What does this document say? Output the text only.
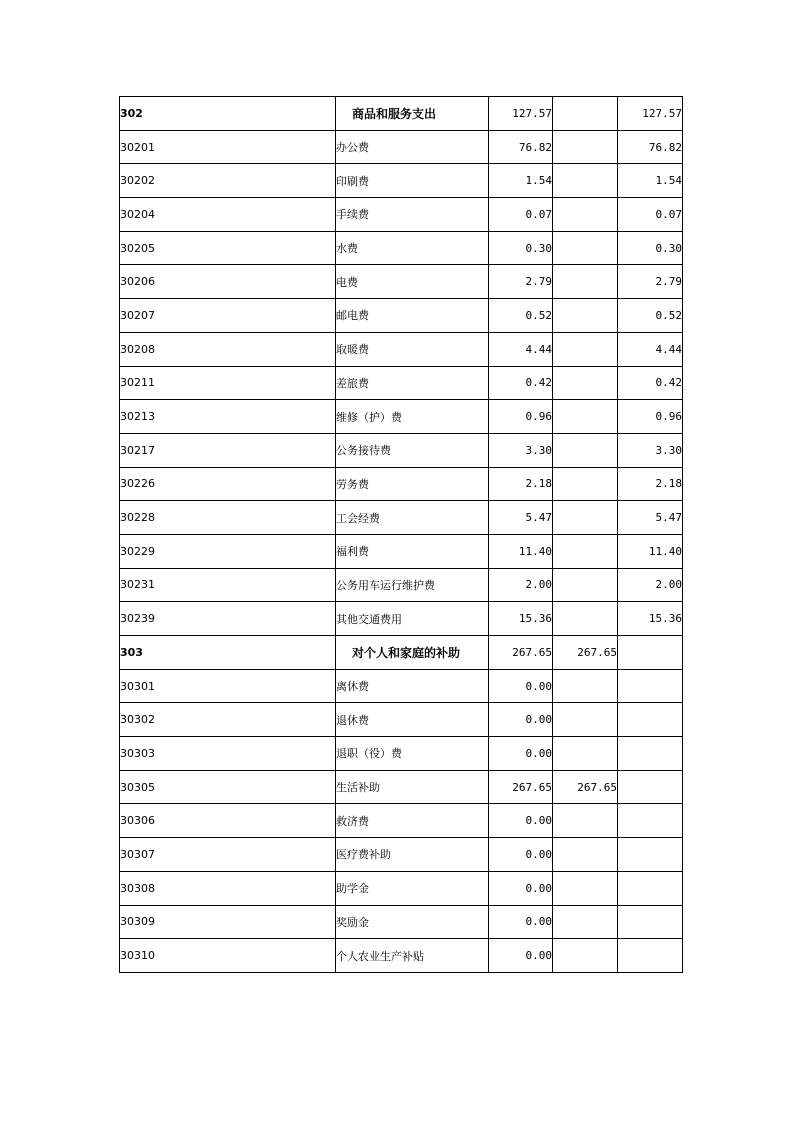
302	商品和服务支出	127.57		127.57
30201	办公费	76.82		76.82
30202	印刷费	1.54		1.54
30204	手续费	0.07		0.07
30205	水费	0.30		0.30
30206	电费	2.79		2.79
30207	邮电费	0.52		0.52
30208	取暖费	4.44		4.44
30211	差旅费	0.42		0.42
30213	维修（护）费	0.96		0.96
30217	公务接待费	3.30		3.30
30226	劳务费	2.18		2.18
30228	工会经费	5.47		5.47
30229	福利费	11.40		11.40
30231	公务用车运行维护费	2.00		2.00
30239	其他交通费用	15.36		15.36
303	对个人和家庭的补助	267.65	267.65	
30301	离休费	0.00		
30302	退休费	0.00		
30303	退职（役）费	0.00		
30305	生活补助	267.65	267.65	
30306	救济费	0.00		
30307	医疗费补助	0.00		
30308	助学金	0.00		
30309	奖励金	0.00		
30310	个人农业生产补贴	0.00		
